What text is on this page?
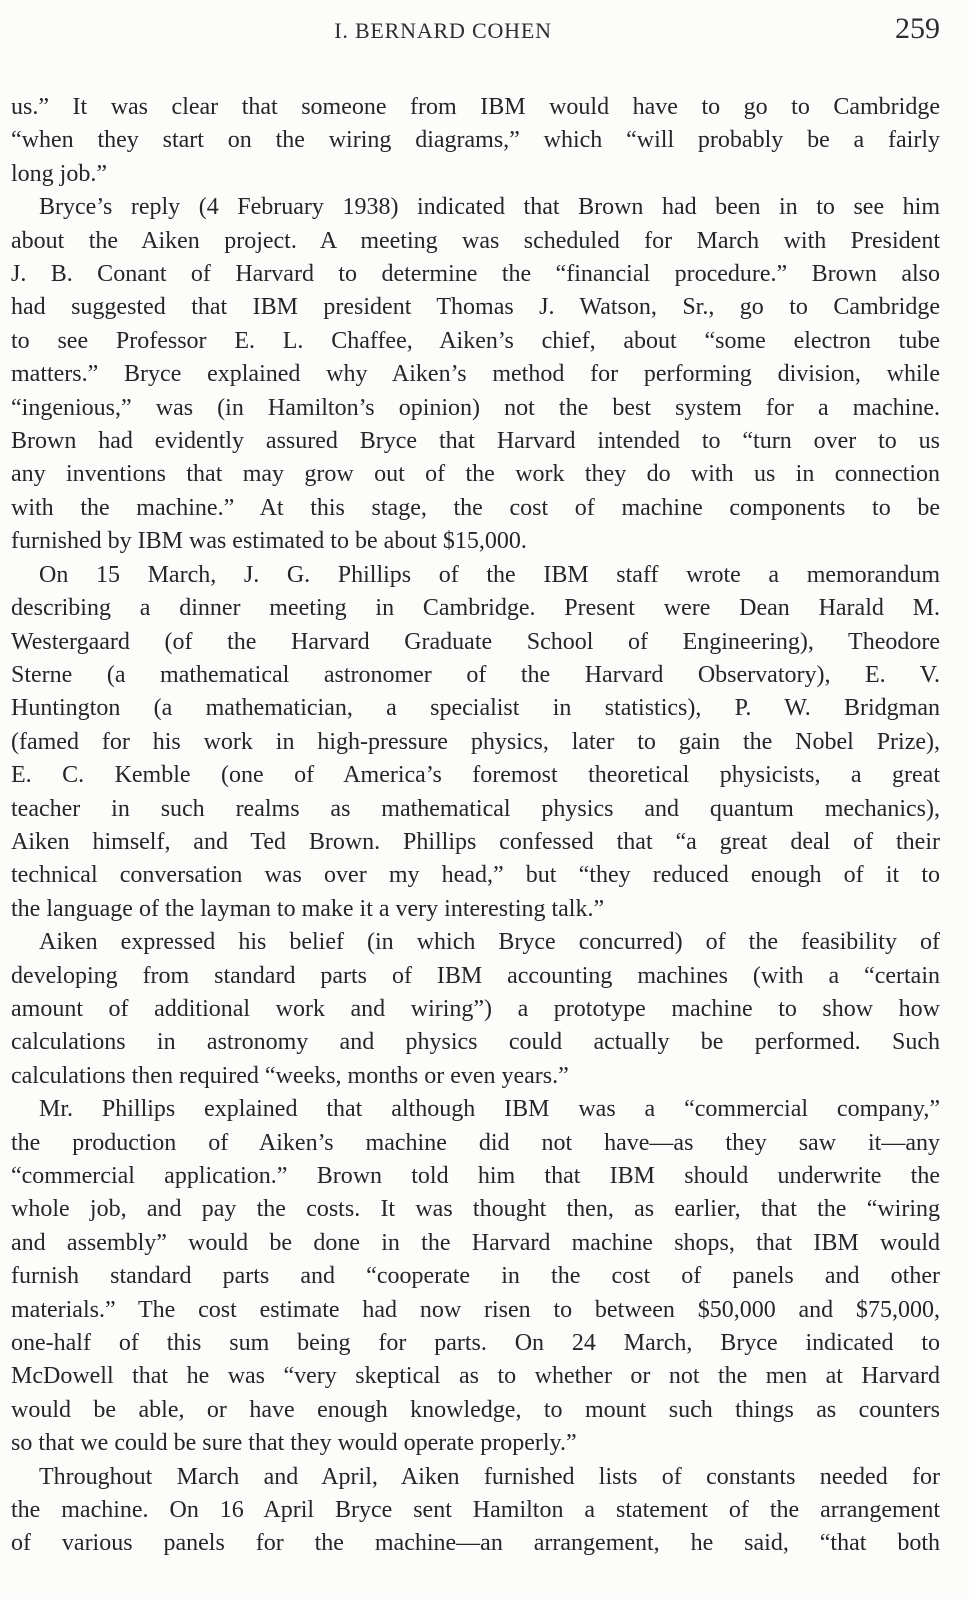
I. BERNARD COHEN	259
us.” It was clear that someone from IBM would have to go to Cambridge
“when they start on the wiring diagrams,” which “will probably be a fairly
long job.”
Bryce’s reply (4 February 1938) indicated that Brown had been in to see him
about the Aiken project. A meeting was scheduled for March with President
J. B. Conant of Harvard to determine the “financial procedure.” Brown also
had suggested that IBM president Thomas J. Watson, Sr., go to Cambridge
to see Professor E. L. Chaffee, Aiken’s chief, about “some electron tube
matters.” Bryce explained why Aiken’s method for performing division, while
“ingenious,” was (in Hamilton’s opinion) not the best system for a machine.
Brown had evidently assured Bryce that Harvard intended to “turn over to us
any inventions that may grow out of the work they do with us in connection
with the machine.” At this stage, the cost of machine components to be
furnished by IBM was estimated to be about $15,000.
On 15 March, J. G. Phillips of the IBM staff wrote a memorandum
describing a dinner meeting in Cambridge. Present were Dean Harald M.
Westergaard (of the Harvard Graduate School of Engineering), Theodore
Sterne (a mathematical astronomer of the Harvard Observatory), E. V.
Huntington (a mathematician, a specialist in statistics), P. W. Bridgman
(famed for his work in high-pressure physics, later to gain the Nobel Prize),
E. C. Kemble (one of America’s foremost theoretical physicists, a great
teacher in such realms as mathematical physics and quantum mechanics),
Aiken himself, and Ted Brown. Phillips confessed that “a great deal of their
technical conversation was over my head,” but “they reduced enough of it to
the language of the layman to make it a very interesting talk.”
Aiken expressed his belief (in which Bryce concurred) of the feasibility of
developing from standard parts of IBM accounting machines (with a “certain
amount of additional work and wiring”) a prototype machine to show how
calculations in astronomy and physics could actually be performed. Such
calculations then required “weeks, months or even years.”
Mr. Phillips explained that although IBM was a “commercial company,”
the production of Aiken’s machine did not have—as they saw it—any
“commercial application.” Brown told him that IBM should underwrite the
whole job, and pay the costs. It was thought then, as earlier, that the “wiring
and assembly” would be done in the Harvard machine shops, that IBM would
furnish standard parts and “cooperate in the cost of panels and other
materials.” The cost estimate had now risen to between $50,000 and $75,000,
one-half of this sum being for parts. On 24 March, Bryce indicated to
McDowell that he was “very skeptical as to whether or not the men at Harvard
would be able, or have enough knowledge, to mount such things as counters
so that we could be sure that they would operate properly.”
Throughout March and April, Aiken furnished lists of constants needed for
the machine. On 16 April Bryce sent Hamilton a statement of the arrangement
of various panels for the machine—an arrangement, he said, “that both
